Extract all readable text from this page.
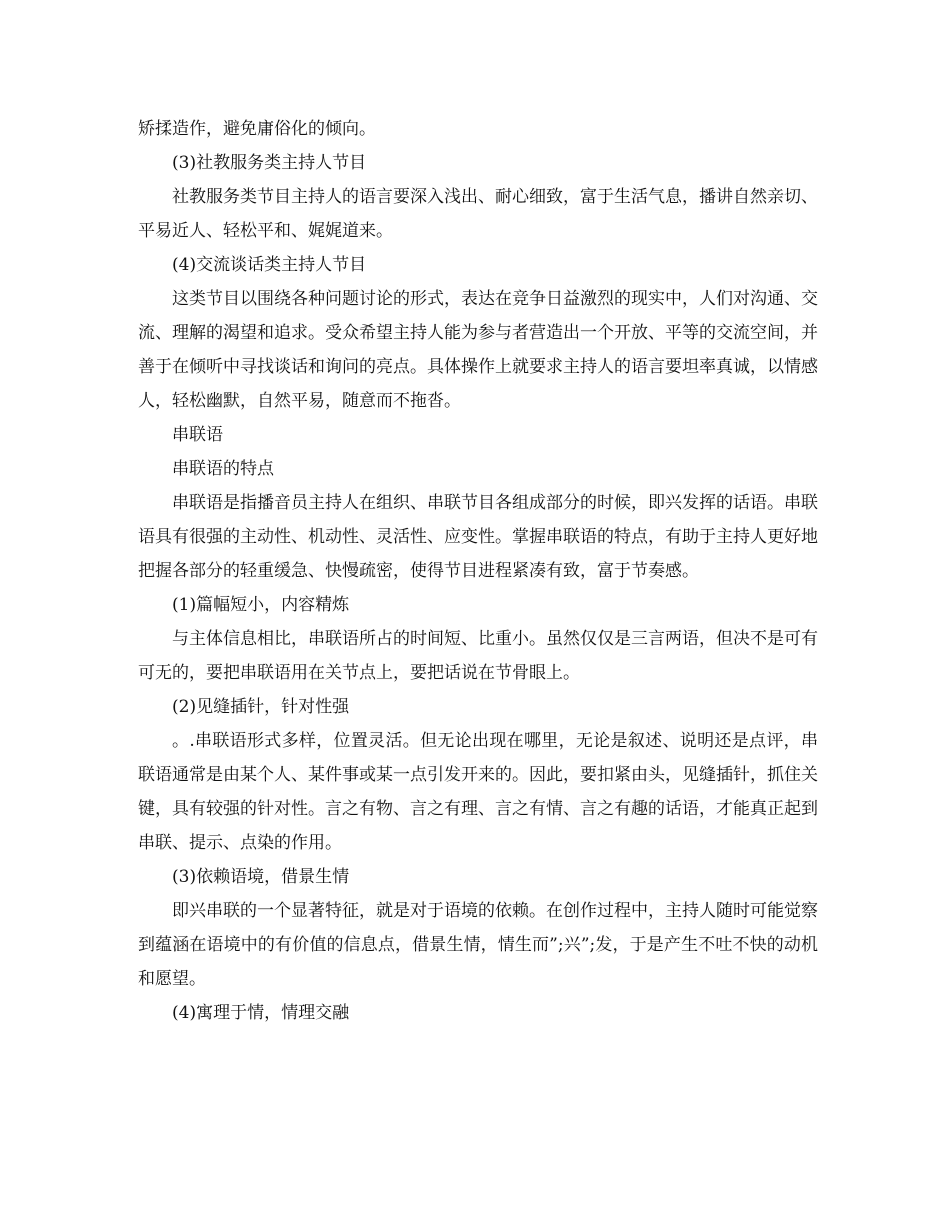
矫揉造作，避免庸俗化的倾向。

(3)社教服务类主持人节目

社教服务类节目主持人的语言要深入浅出、耐心细致，富于生活气息，播讲自然亲切、平易近人、轻松平和、娓娓道来。

(4)交流谈话类主持人节目

这类节目以围绕各种问题讨论的形式，表达在竞争日益激烈的现实中，人们对沟通、交流、理解的渴望和追求。受众希望主持人能为参与者营造出一个开放、平等的交流空间，并善于在倾听中寻找谈话和询问的亮点。具体操作上就要求主持人的语言要坦率真诚，以情感人，轻松幽默，自然平易，随意而不拖沓。

串联语

串联语的特点

串联语是指播音员主持人在组织、串联节目各组成部分的时候，即兴发挥的话语。串联语具有很强的主动性、机动性、灵活性、应变性。掌握串联语的特点，有助于主持人更好地把握各部分的轻重缓急、快慢疏密，使得节目进程紧凑有致，富于节奏感。

(1)篇幅短小，内容精炼

与主体信息相比，串联语所占的时间短、比重小。虽然仅仅是三言两语，但决不是可有可无的，要把串联语用在关节点上，要把话说在节骨眼上。

(2)见缝插针，针对性强

。.串联语形式多样，位置灵活。但无论出现在哪里，无论是叙述、说明还是点评，串联语通常是由某个人、某件事或某一点引发开来的。因此，要扣紧由头，见缝插针，抓住关键，具有较强的针对性。言之有物、言之有理、言之有情、言之有趣的话语，才能真正起到串联、提示、点染的作用。

(3)依赖语境，借景生情

即兴串联的一个显著特征，就是对于语境的依赖。在创作过程中，主持人随时可能觉察到蕴涵在语境中的有价值的信息点，借景生情，情生而”;兴”;发，于是产生不吐不快的动机和愿望。

(4)寓理于情，情理交融
